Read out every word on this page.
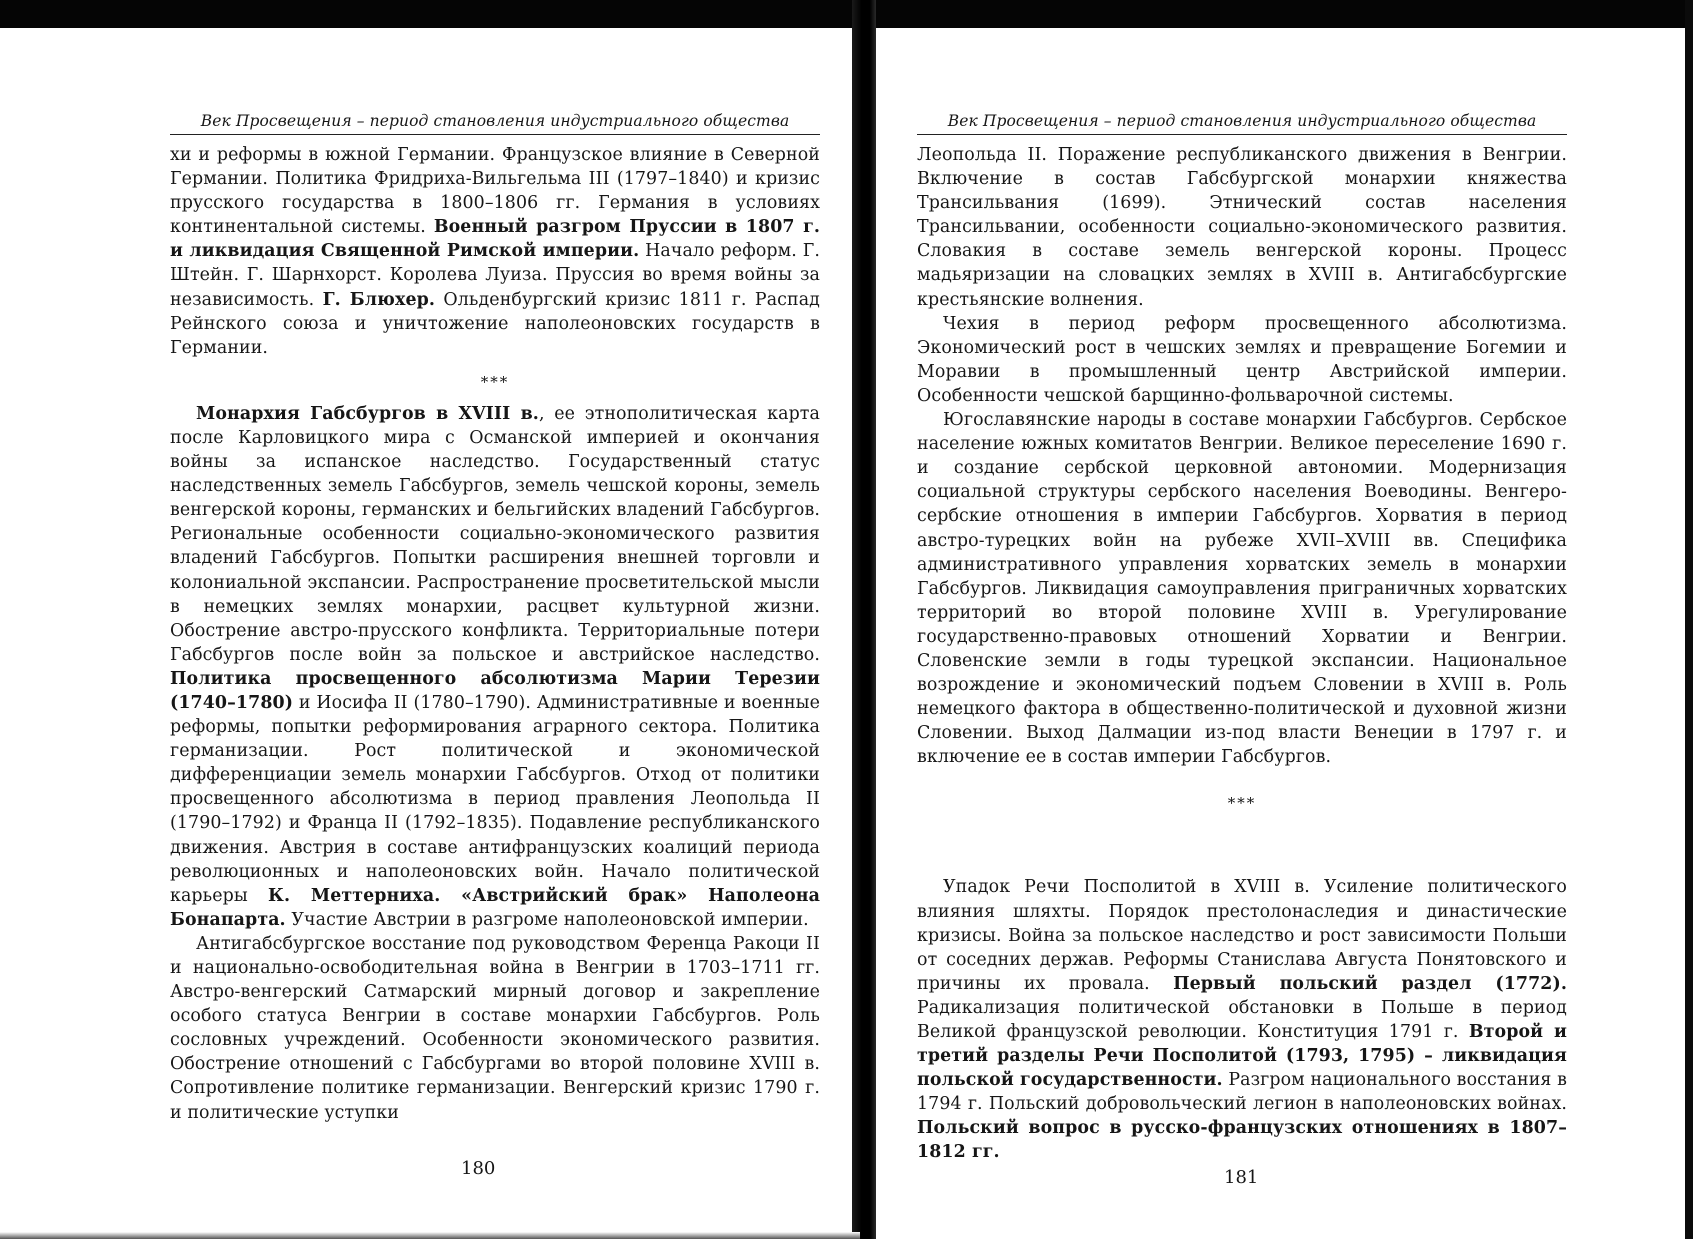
Век Просвещения – период становления индустриального общества

хи и реформы в южной Германии. Французское влияние в Северной Германии. Политика Фридриха-Вильгельма III (1797–1840) и кризис прусского государства в 1800–1806 гг. Германия в условиях континентальной системы. Военный разгром Пруссии в 1807 г. и ликвидация Священной Римской империи. Начало реформ. Г. Штейн. Г. Шарнхорст. Королева Луиза. Пруссия во время войны за независимость. Г. Блюхер. Ольденбургский кризис 1811 г. Распад Рейнского союза и уничтожение наполеоновских государств в Германии.

***

Монархия Габсбургов в XVIII в., ее этнополитическая карта после Карловицкого мира с Османской империей и окончания войны за испанское наследство. Государственный статус наследственных земель Габсбургов, земель чешской короны, земель венгерской короны, германских и бельгийских владений Габсбургов. Региональные особенности социально-экономического развития владений Габсбургов. Попытки расширения внешней торговли и колониальной экспансии. Распространение просветительской мысли в немецких землях монархии, расцвет культурной жизни. Обострение австро-прусского конфликта. Территориальные потери Габсбургов после войн за польское и австрийское наследство. Политика просвещенного абсолютизма Марии Терезии (1740–1780) и Иосифа II (1780–1790). Административные и военные реформы, попытки реформирования аграрного сектора. Политика германизации. Рост политической и экономической дифференциации земель монархии Габсбургов. Отход от политики просвещенного абсолютизма в период правления Леопольда II (1790–1792) и Франца II (1792–1835). Подавление республиканского движения. Австрия в составе антифранцузских коалиций периода революционных и наполеоновских войн. Начало политической карьеры К. Меттерниха. «Австрийский брак» Наполеона Бонапарта. Участие Австрии в разгроме наполеоновской империи.

Антигабсбургское восстание под руководством Ференца Ракоци II и национально-освободительная война в Венгрии в 1703–1711 гг. Австро-венгерский Сатмарский мирный договор и закрепление особого статуса Венгрии в составе монархии Габсбургов. Роль сословных учреждений. Особенности экономического развития. Обострение отношений с Габсбургами во второй половине XVIII в. Сопротивление политике германизации. Венгерский кризис 1790 г. и политические уступки

180
Век Просвещения – период становления индустриального общества

Леопольда II. Поражение республиканского движения в Венгрии. Включение в состав Габсбургской монархии княжества Трансильвания (1699). Этнический состав населения Трансильвании, особенности социально-экономического развития. Словакия в составе земель венгерской короны. Процесс мадьяризации на словацких землях в XVIII в. Антигабсбургские крестьянские волнения.

Чехия в период реформ просвещенного абсолютизма. Экономический рост в чешских землях и превращение Богемии и Моравии в промышленный центр Австрийской империи. Особенности чешской барщинно-фольварочной системы.

Югославянские народы в составе монархии Габсбургов. Сербское население южных комитатов Венгрии. Великое переселение 1690 г. и создание сербской церковной автономии. Модернизация социальной структуры сербского населения Воеводины. Венгеро-сербские отношения в империи Габсбургов. Хорватия в период австро-турецких войн на рубеже XVII–XVIII вв. Специфика административного управления хорватских земель в монархии Габсбургов. Ликвидация самоуправления приграничных хорватских территорий во второй половине XVIII в. Урегулирование государственно-правовых отношений Хорватии и Венгрии. Словенские земли в годы турецкой экспансии. Национальное возрождение и экономический подъем Словении в XVIII в. Роль немецкого фактора в общественно-политической и духовной жизни Словении. Выход Далмации из-под власти Венеции в 1797 г. и включение ее в состав империи Габсбургов.

***

Упадок Речи Посполитой в XVIII в. Усиление политического влияния шляхты. Порядок престолонаследия и династические кризисы. Война за польское наследство и рост зависимости Польши от соседних держав. Реформы Станислава Августа Понятовского и причины их провала. Первый польский раздел (1772). Радикализация политической обстановки в Польше в период Великой французской революции. Конституция 1791 г. Второй и третий разделы Речи Посполитой (1793, 1795) – ликвидация польской государственности. Разгром национального восстания в 1794 г. Польский добровольческий легион в наполеоновских войнах. Польский вопрос в русско-французских отношениях в 1807–1812 гг.

181
